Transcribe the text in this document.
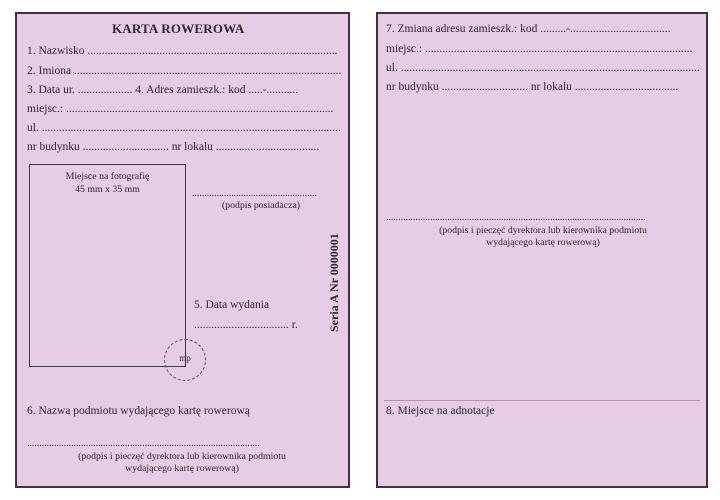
KARTA ROWEROWA
1. Nazwisko .......................................................................................
2. Imiona .............................................................................................
3. Data ur. ................... 4. Adres zamieszk.: kod .....-...........
miejsc.: .............................................................................................
ul. ........................................................................................................
nr budynku .............................. nr lokalu ....................................
Miejsce na fotografię
45 mm x 35 mm
mp
...................................................
(podpis posiadacza)
5. Data wydania
................................. r. Seria A Nr 0000001
6. Nazwa podmiotu wydającego kartę rowerową
...............................................................................................
(podpis i pieczęć dyrektora lub kierownika podmiotu wydającego kartę rowerową)
7. Zmiana adresu zamieszk.: kod .........-...................................
miejsc.: .............................................................................................
ul. ........................................................................................................
nr budynku .............................. nr lokalu ....................................
..........................................................................................................
(podpis i pieczęć dyrektora lub kierownika podmiotu wydającego kartę rowerową)
8. Miejsce na adnotacje
